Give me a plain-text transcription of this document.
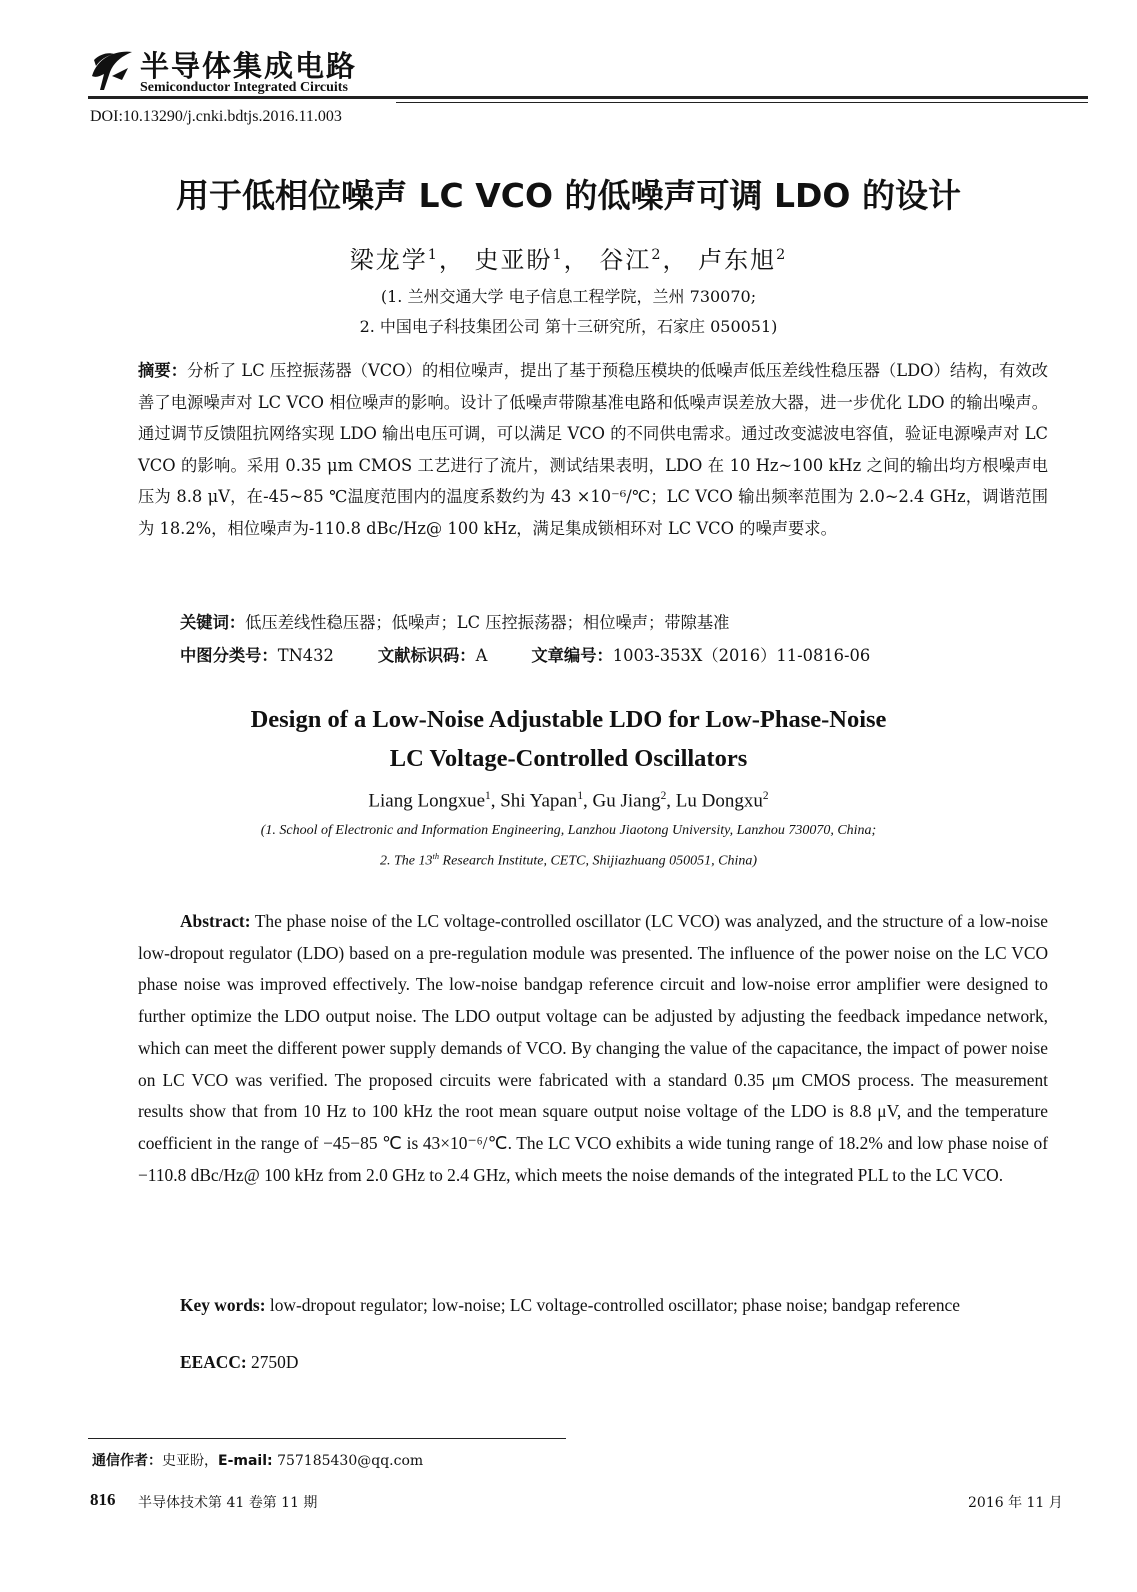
半导体集成电路
Semiconductor Integrated Circuits
DOI:10.13290/j.cnki.bdtjs.2016.11.003
用于低相位噪声 LC VCO 的低噪声可调 LDO 的设计
梁龙学$^1$， 史亚盼$^1$， 谷江$^2$， 卢东旭$^2$
(1. 兰州交通大学 电子信息工程学院，兰州 730070;
2. 中国电子科技集团公司 第十三研究所，石家庄 050051)
摘要：分析了 LC 压控振荡器（VCO）的相位噪声，提出了基于预稳压模块的低噪声低压差线性稳压器（LDO）结构，有效改善了电源噪声对 LC VCO 相位噪声的影响。设计了低噪声带隙基准电路和低噪声误差放大器，进一步优化 LDO 的输出噪声。通过调节反馈阻抗网络实现 LDO 输出电压可调，可以满足 VCO 的不同供电需求。通过改变滤波电容值，验证电源噪声对 LC VCO 的影响。采用 0.35 μm CMOS 工艺进行了流片，测试结果表明，LDO 在 10 Hz~100 kHz 之间的输出均方根噪声电压为 8.8 μV，在-45~85 ℃温度范围内的温度系数约为 43 ×10⁻⁶/℃；LC VCO 输出频率范围为 2.0~2.4 GHz，调谐范围为 18.2%，相位噪声为-110.8 dBc/Hz@ 100 kHz，满足集成锁相环对 LC VCO 的噪声要求。
关键词：低压差线性稳压器；低噪声；LC 压控振荡器；相位噪声；带隙基准
中图分类号：TN432	文献标识码：A	文章编号：1003-353X（2016）11-0816-06
Design of a Low-Noise Adjustable LDO for Low-Phase-Noise
LC Voltage-Controlled Oscillators
Liang Longxue$^1$, Shi Yapan$^1$, Gu Jiang$^2$, Lu Dongxu$^2$
(1. School of Electronic and Information Engineering, Lanzhou Jiaotong University, Lanzhou 730070, China;
2. The 13th Research Institute, CETC, Shijiazhuang 050051, China)
Abstract: The phase noise of the LC voltage-controlled oscillator (LC VCO) was analyzed, and the structure of a low-noise low-dropout regulator (LDO) based on a pre-regulation module was presented. The influence of the power noise on the LC VCO phase noise was improved effectively. The low-noise bandgap reference circuit and low-noise error amplifier were designed to further optimize the LDO output noise. The LDO output voltage can be adjusted by adjusting the feedback impedance network, which can meet the different power supply demands of VCO. By changing the value of the capacitance, the impact of power noise on LC VCO was verified. The proposed circuits were fabricated with a standard 0.35 μm CMOS process. The measurement results show that from 10 Hz to 100 kHz the root mean square output noise voltage of the LDO is 8.8 μV, and the temperature coefficient in the range of −45−85 ℃ is 43×10⁻⁶/℃. The LC VCO exhibits a wide tuning range of 18.2% and low phase noise of −110.8 dBc/Hz@ 100 kHz from 2.0 GHz to 2.4 GHz, which meets the noise demands of the integrated PLL to the LC VCO.
Key words: low-dropout regulator; low-noise; LC voltage-controlled oscillator; phase noise; bandgap reference
EEACC: 2750D
通信作者：史亚盼，E-mail: 757185430@qq.com
816 半导体技术第 41 卷第 11 期	2016 年 11 月
